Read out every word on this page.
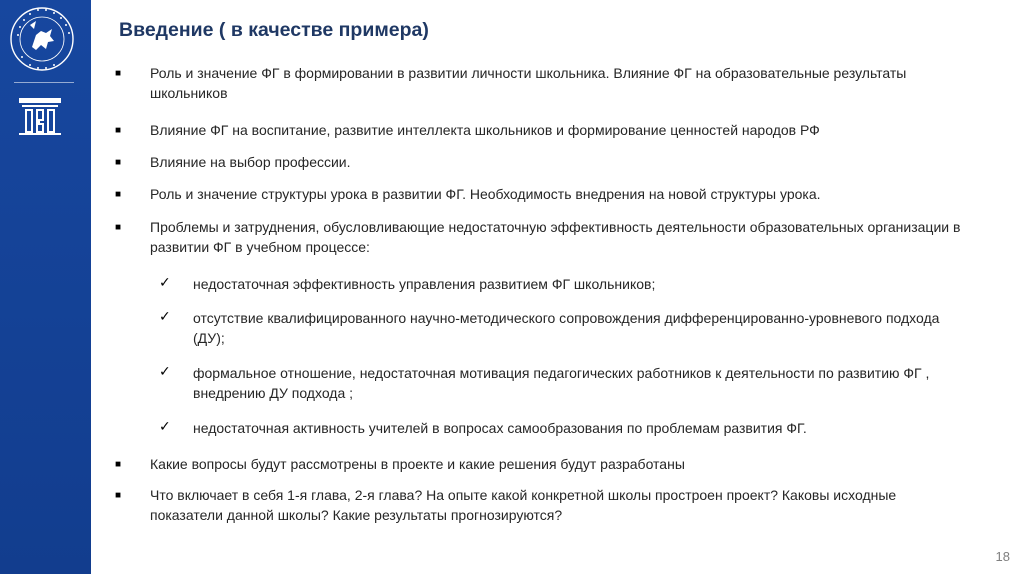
Введение ( в качестве примера)
■ Роль и значение ФГ в формировании в развитии личности школьника. Влияние ФГ на образовательные результаты школьников
■ Влияние ФГ на воспитание, развитие интеллекта школьников и формирование ценностей народов РФ
■ Влияние на выбор профессии.
■ Роль и значение структуры урока в развитии ФГ. Необходимость внедрения на новой структуры урока.
■ Проблемы и затруднения, обусловливающие недостаточную эффективность деятельности образовательных организации в развитии ФГ в учебном процессе:
✓ недостаточная эффективность управления развитием ФГ школьников;
✓ отсутствие квалифицированного научно-методического сопровождения дифференцированно-уровневого подхода (ДУ);
✓ формальное отношение, недостаточная мотивация педагогических работников к деятельности по развитию ФГ , внедрению ДУ подхода ;
✓ недостаточная активность учителей в вопросах самообразования по проблемам развития ФГ.
■ Какие вопросы будут рассмотрены в проекте и какие решения будут разработаны
■ Что включает в себя 1-я глава, 2-я глава? На опыте какой конкретной школы простроен проект? Каковы исходные показатели данной школы? Какие результаты прогнозируются?
18
